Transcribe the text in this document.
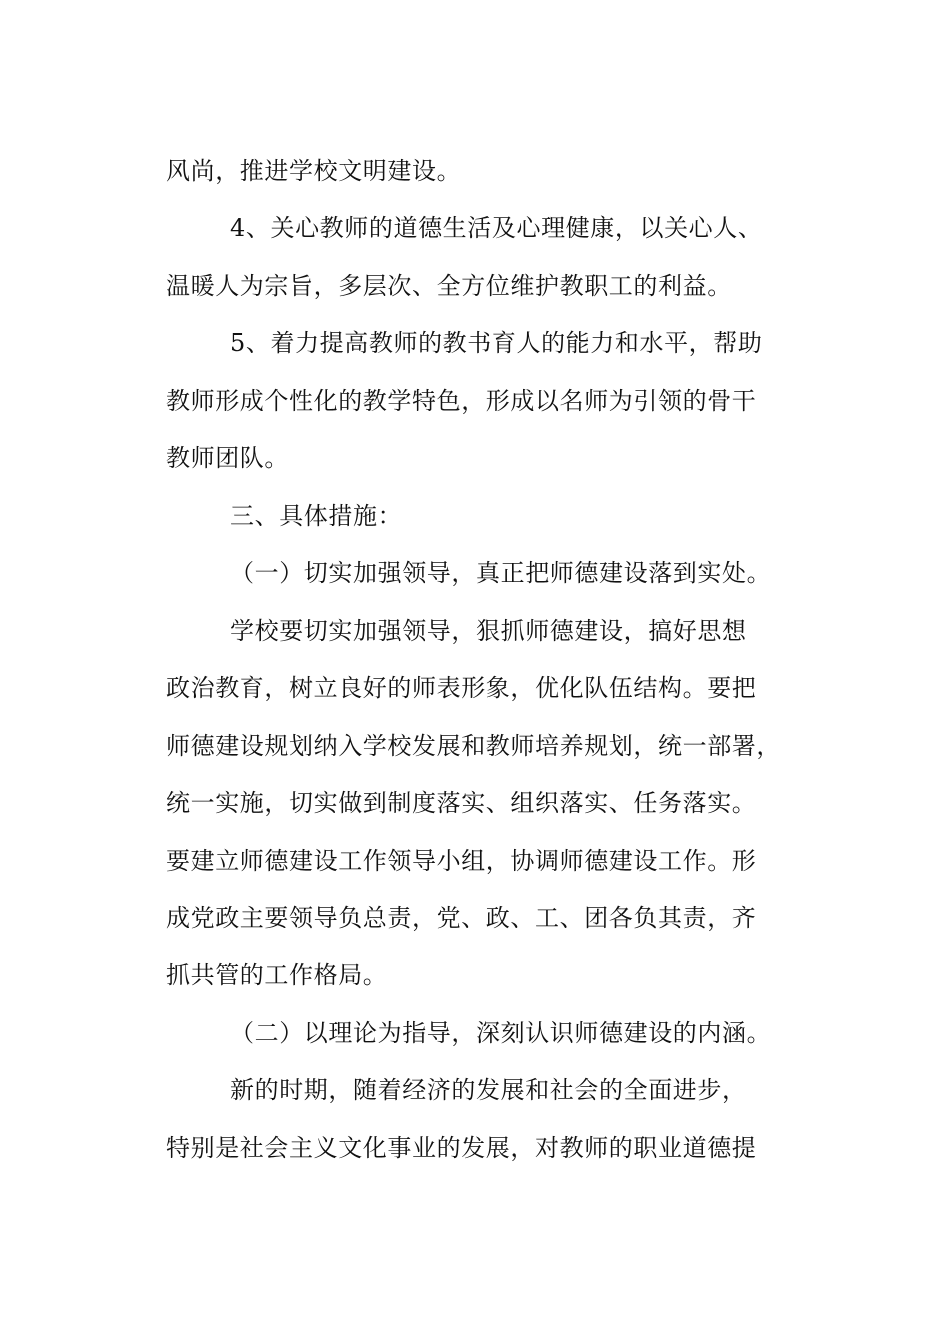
风尚，推进学校文明建设。
4、关心教师的道德生活及心理健康，以关心人、
温暖人为宗旨，多层次、全方位维护教职工的利益。
5、着力提高教师的教书育人的能力和水平，帮助
教师形成个性化的教学特色，形成以名师为引领的骨干
教师团队。
三、具体措施：
（一）切实加强领导，真正把师德建设落到实处。
学校要切实加强领导，狠抓师德建设，搞好思想
政治教育，树立良好的师表形象，优化队伍结构。要把
师德建设规划纳入学校发展和教师培养规划，统一部署，
统一实施，切实做到制度落实、组织落实、任务落实。
要建立师德建设工作领导小组，协调师德建设工作。形
成党政主要领导负总责，党、政、工、团各负其责，齐
抓共管的工作格局。
（二）以理论为指导，深刻认识师德建设的内涵。
新的时期，随着经济的发展和社会的全面进步，
特别是社会主义文化事业的发展，对教师的职业道德提
